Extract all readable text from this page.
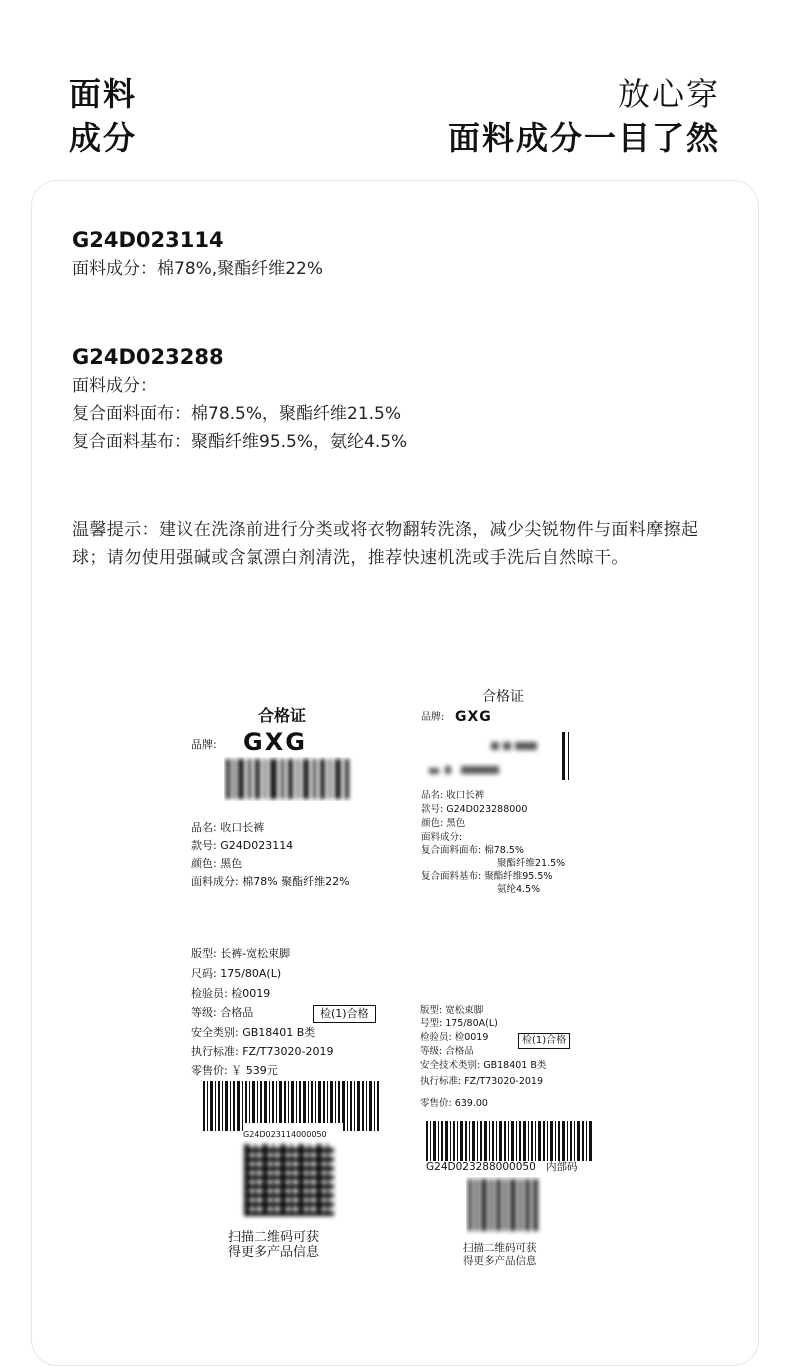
面料
成分
放心穿
面料成分一目了然
G24D023114
面料成分：棉78%,聚酯纤维22%
G24D023288
面料成分：
复合面料面布：棉78.5%，聚酯纤维21.5%
复合面料基布：聚酯纤维95.5%，氨纶4.5%
温馨提示：建议在洗涤前进行分类或将衣物翻转洗涤，减少尖锐物件与面料摩擦起球；请勿使用强碱或含氯漂白剂清洗，推荐快速机洗或手洗后自然晾干。
合格证
品牌: GXG
品名: 收口长裤
款号: G24D023114
颜色: 黑色
面料成分: 棉78% 聚酯纤维22%
版型: 长裤-宽松束脚
尺码: 175/80A(L)
检验员: 检0019
等级: 合格品	检(1)合格
安全类别: GB18401 B类
执行标准: FZ/T73020-2019
零售价: ￥ 539元
G24D023114000050
扫描二维码可获
得更多产品信息
合格证
品牌: GXG
品名: 收口长裤
款号: G24D023288000
颜色: 黑色
面料成分:
复合面料面布: 棉78.5%
聚酯纤维21.5%
复合面料基布: 聚酯纤维95.5%
氨纶4.5%
版型: 宽松束脚
号型: 175/80A(L)
检验员: 检0019	检(1)合格
等级: 合格品
安全技术类别: GB18401 B类
执行标准: FZ/T73020-2019
零售价: 639.00
G24D023288000050 内部码
扫描二维码可获
得更多产品信息
